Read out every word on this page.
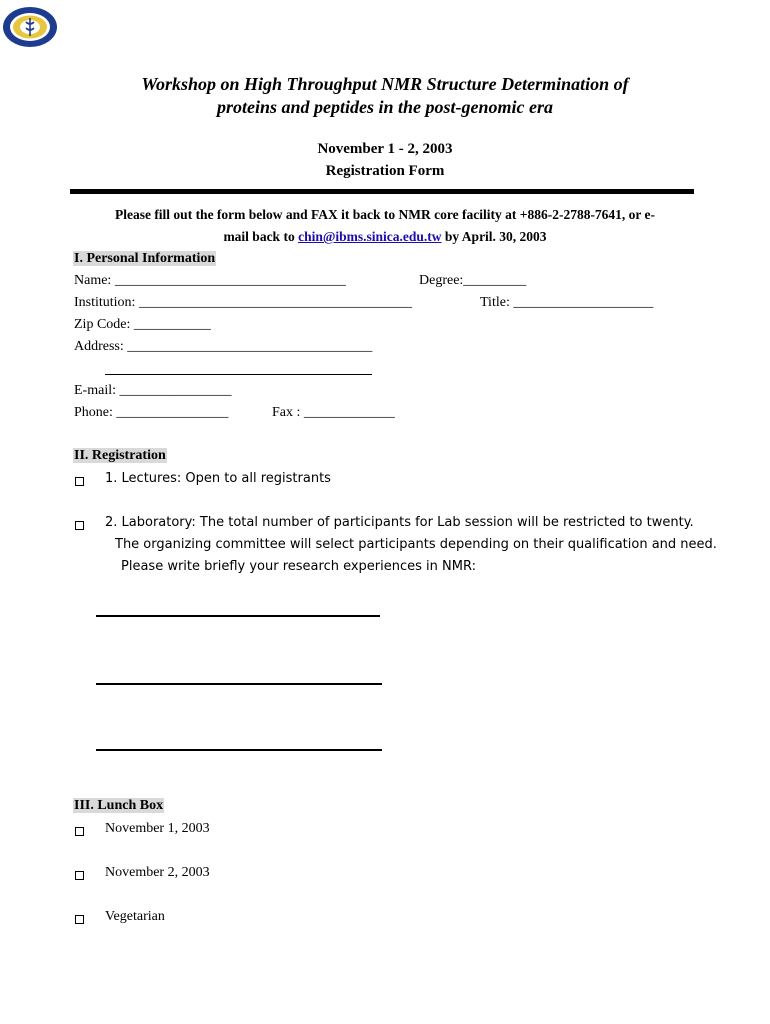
Workshop on High Throughput NMR Structure Determination of
proteins and peptides in the post-genomic era
November 1 - 2, 2003
Registration Form
Please fill out the form below and FAX it back to NMR core facility at +886-2-2788-7641, or e-
mail back to chin@ibms.sinica.edu.tw by April. 30, 2003
I. Personal Information
Name: _________________________________	Degree:_________
Institution: _______________________________________	Title: ____________________
Zip Code: ___________
Address: ___________________________________
E-mail: ________________
Phone: ________________	Fax : _____________
II. Registration
1. Lectures: Open to all registrants
2. Laboratory: The total number of participants for Lab session will be restricted to twenty.
The organizing committee will select participants depending on their qualification and need.
Please write briefly your research experiences in NMR:
III. Lunch Box
November 1, 2003
November 2, 2003
Vegetarian
